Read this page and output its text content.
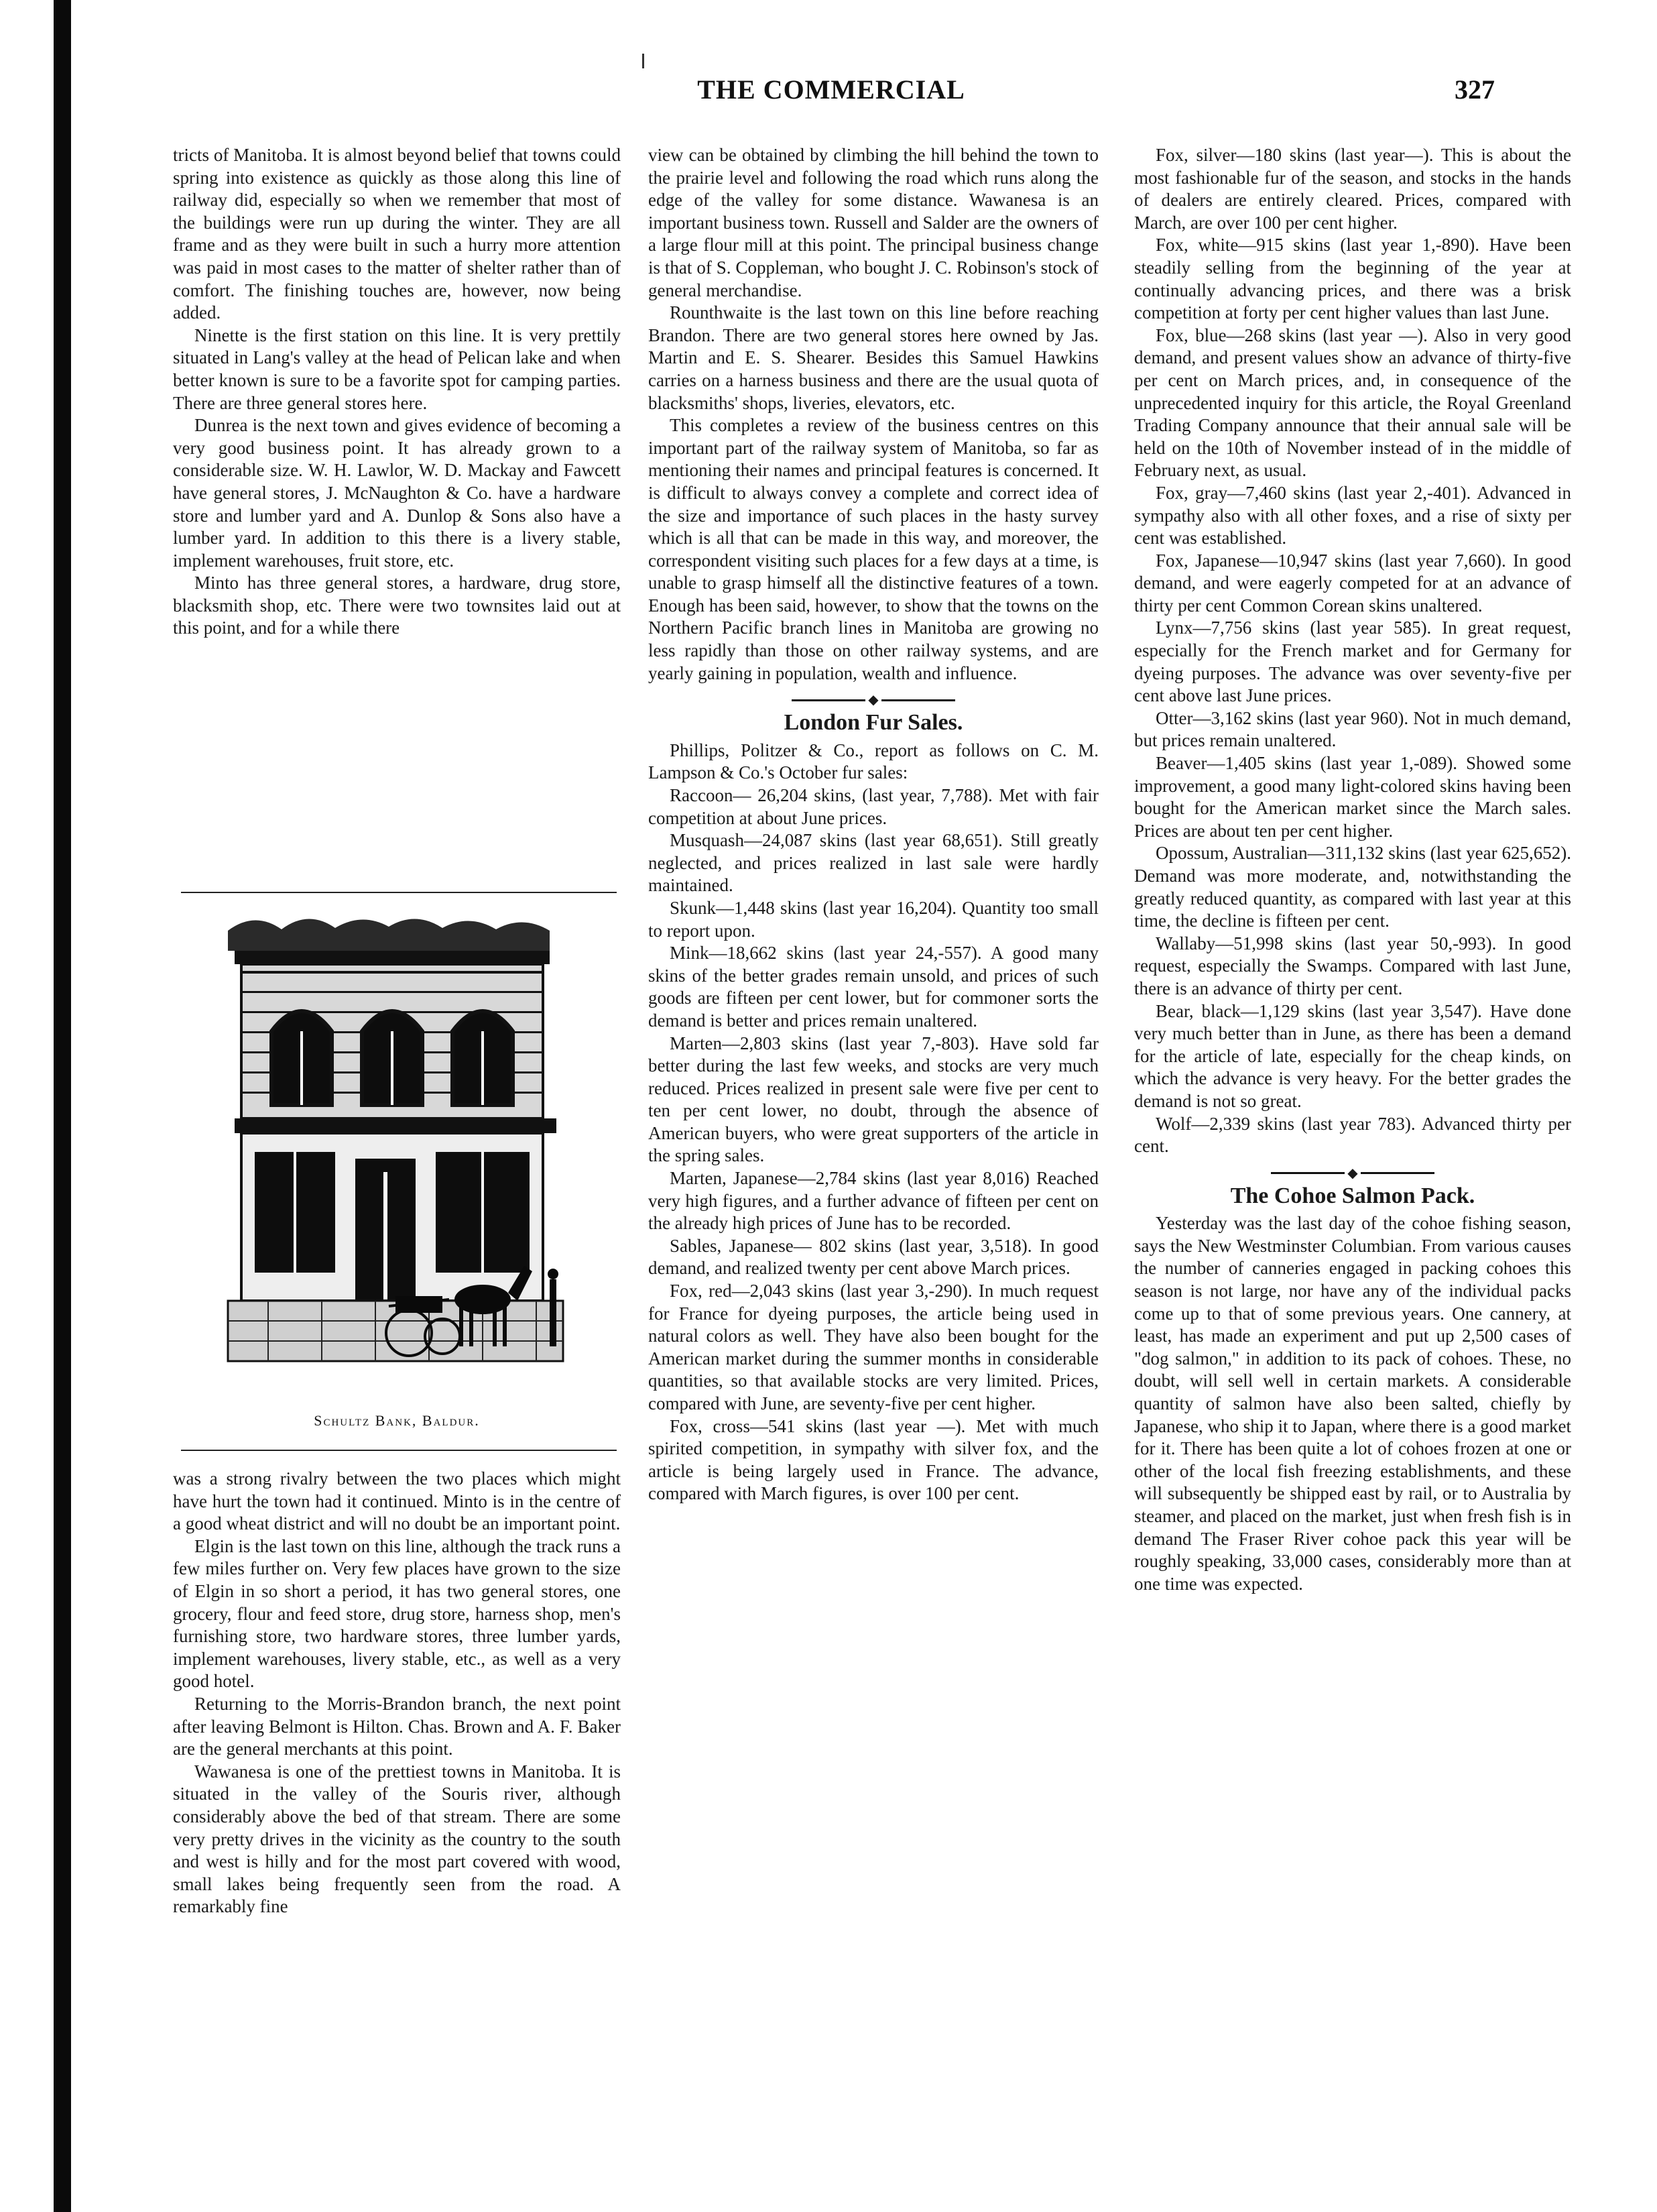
THE COMMERCIAL	327

tricts of Manitoba. It is almost beyond belief that towns could spring into existence as quickly as those along this line of railway did, especially so when we remember that most of the buildings were run up during the winter. They are all frame and as they were built in such a hurry more attention was paid in most cases to the matter of shelter rather than of comfort. The finishing touches are, however, now being added.

Ninette is the first station on this line. It is very prettily situated in Lang's valley at the head of Pelican lake and when better known is sure to be a favorite spot for camping parties. There are three general stores here.

Dunrea is the next town and gives evidence of becoming a very good business point. It has already grown to a considerable size. W. H. Lawlor, W. D. Mackay and Fawcett have general stores, J. McNaughton & Co. have a hardware store and lumber yard and A. Dunlop & Sons also have a lumber yard. In addition to this there is a livery stable, implement warehouses, fruit store, etc.

Minto has three general stores, a hardware, drug store, blacksmith shop, etc. There were two townsites laid out at this point, and for a while there

Schultz Bank, Baldur.

was a strong rivalry between the two places which might have hurt the town had it continued. Minto is in the centre of a good wheat district and will no doubt be an important point.

Elgin is the last town on this line, although the track runs a few miles further on. Very few places have grown to the size of Elgin in so short a period, it has two general stores, one grocery, flour and feed store, drug store, harness shop, men's furnishing store, two hardware stores, three lumber yards, implement warehouses, livery stable, etc., as well as a very good hotel.

Returning to the Morris-Brandon branch, the next point after leaving Belmont is Hilton. Chas. Brown and A. F. Baker are the general merchants at this point.

Wawanesa is one of the prettiest towns in Manitoba. It is situated in the valley of the Souris river, although considerably above the bed of that stream. There are some very pretty drives in the vicinity as the country to the south and west is hilly and for the most part covered with wood, small lakes being frequently seen from the road. A remarkably fine

view can be obtained by climbing the hill behind the town to the prairie level and following the road which runs along the edge of the valley for some distance. Wawanesa is an important business town. Russell and Salder are the owners of a large flour mill at this point. The principal business change is that of S. Coppleman, who bought J. C. Robinson's stock of general merchandise.

Rounthwaite is the last town on this line before reaching Brandon. There are two general stores here owned by Jas. Martin and E. S. Shearer. Besides this Samuel Hawkins carries on a harness business and there are the usual quota of blacksmiths' shops, liveries, elevators, etc.

This completes a review of the business centres on this important part of the railway system of Manitoba, so far as mentioning their names and principal features is concerned. It is difficult to always convey a complete and correct idea of the size and importance of such places in the hasty survey which is all that can be made in this way, and moreover, the correspondent visiting such places for a few days at a time, is unable to grasp himself all the distinctive features of a town. Enough has been said, however, to show that the towns on the Northern Pacific branch lines in Manitoba are growing no less rapidly than those on other railway systems, and are yearly gaining in population, wealth and influence.

◆
London Fur Sales.

Phillips, Politzer & Co., report as follows on C. M. Lampson & Co.'s October fur sales:

Raccoon— 26,204 skins, (last year, 7,788). Met with fair competition at about June prices.

Musquash—24,087 skins (last year 68,651). Still greatly neglected, and prices realized in last sale were hardly maintained.

Skunk—1,448 skins (last year 16,204). Quantity too small to report upon.

Mink—18,662 skins (last year 24,-557). A good many skins of the better grades remain unsold, and prices of such goods are fifteen per cent lower, but for commoner sorts the demand is better and prices remain unaltered.

Marten—2,803 skins (last year 7,-803). Have sold far better during the last few weeks, and stocks are very much reduced. Prices realized in present sale were five per cent to ten per cent lower, no doubt, through the absence of American buyers, who were great supporters of the article in the spring sales.

Marten, Japanese—2,784 skins (last year 8,016) Reached very high figures, and a further advance of fifteen per cent on the already high prices of June has to be recorded.

Sables, Japanese— 802 skins (last year, 3,518). In good demand, and realized twenty per cent above March prices.

Fox, red—2,043 skins (last year 3,-290). In much request for France for dyeing purposes, the article being used in natural colors as well. They have also been bought for the American market during the summer months in considerable quantities, so that available stocks are very limited. Prices, compared with June, are seventy-five per cent higher.

Fox, cross—541 skins (last year —). Met with much spirited competition, in sympathy with silver fox, and the article is being largely used in France. The advance, compared with March figures, is over 100 per cent.

Fox, silver—180 skins (last year—). This is about the most fashionable fur of the season, and stocks in the hands of dealers are entirely cleared. Prices, compared with March, are over 100 per cent higher.

Fox, white—915 skins (last year 1,-890). Have been steadily selling from the beginning of the year at continually advancing prices, and there was a brisk competition at forty per cent higher values than last June.

Fox, blue—268 skins (last year —). Also in very good demand, and present values show an advance of thirty-five per cent on March prices, and, in consequence of the unprecedented inquiry for this article, the Royal Greenland Trading Company announce that their annual sale will be held on the 10th of November instead of in the middle of February next, as usual.

Fox, gray—7,460 skins (last year 2,-401). Advanced in sympathy also with all other foxes, and a rise of sixty per cent was established.

Fox, Japanese—10,947 skins (last year 7,660). In good demand, and were eagerly competed for at an advance of thirty per cent Common Corean skins unaltered.

Lynx—7,756 skins (last year 585). In great request, especially for the French market and for Germany for dyeing purposes. The advance was over seventy-five per cent above last June prices.

Otter—3,162 skins (last year 960). Not in much demand, but prices remain unaltered.

Beaver—1,405 skins (last year 1,-089). Showed some improvement, a good many light-colored skins having been bought for the American market since the March sales. Prices are about ten per cent higher.

Opossum, Australian—311,132 skins (last year 625,652). Demand was more moderate, and, notwithstanding the greatly reduced quantity, as compared with last year at this time, the decline is fifteen per cent.

Wallaby—51,998 skins (last year 50,-993). In good request, especially the Swamps. Compared with last June, there is an advance of thirty per cent.

Bear, black—1,129 skins (last year 3,547). Have done very much better than in June, as there has been a demand for the article of late, especially for the cheap kinds, on which the advance is very heavy. For the better grades the demand is not so great.

Wolf—2,339 skins (last year 783). Advanced thirty per cent.

◆
The Cohoe Salmon Pack.

Yesterday was the last day of the cohoe fishing season, says the New Westminster Columbian. From various causes the number of canneries engaged in packing cohoes this season is not large, nor have any of the individual packs come up to that of some previous years. One cannery, at least, has made an experiment and put up 2,500 cases of "dog salmon," in addition to its pack of cohoes. These, no doubt, will sell well in certain markets. A considerable quantity of salmon have also been salted, chiefly by Japanese, who ship it to Japan, where there is a good market for it. There has been quite a lot of cohoes frozen at one or other of the local fish freezing establishments, and these will subsequently be shipped east by rail, or to Australia by steamer, and placed on the market, just when fresh fish is in demand The Fraser River cohoe pack this year will be roughly speaking, 33,000 cases, considerably more than at one time was expected.
